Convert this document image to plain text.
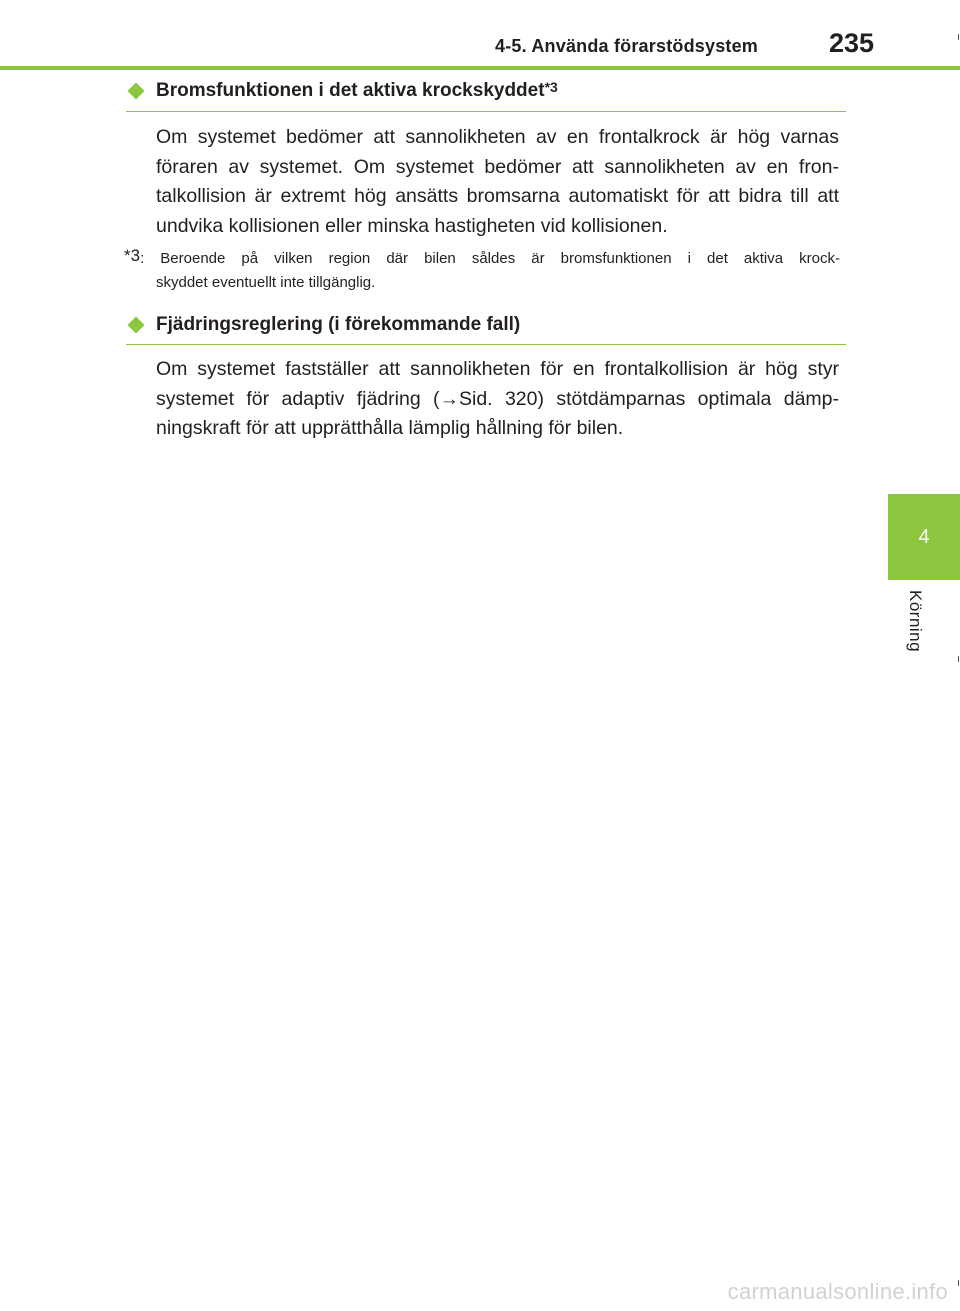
4-5. Använda förarstödsystem	235
4
Körning
Bromsfunktionen i det aktiva krockskyddet$^{*3}$
Om systemet bedömer att sannolikheten av en frontalkrock är hög varnas föraren av systemet. Om systemet bedömer att sannolikheten av en fron-talkollision är extremt hög ansätts bromsarna automatiskt för att bidra till att undvika kollisionen eller minska hastigheten vid kollisionen.
*3: Beroende på vilken region där bilen såldes är bromsfunktionen i det aktiva krock-
skyddet eventuellt inte tillgänglig.
Fjädringsreglering (i förekommande fall)
Om systemet fastställer att sannolikheten för en frontalkollision är hög styr systemet för adaptiv fjädring (→Sid. 320) stötdämparnas optimala dämp-ningskraft för att upprätthålla lämplig hållning för bilen.
carmanualsonline.info
